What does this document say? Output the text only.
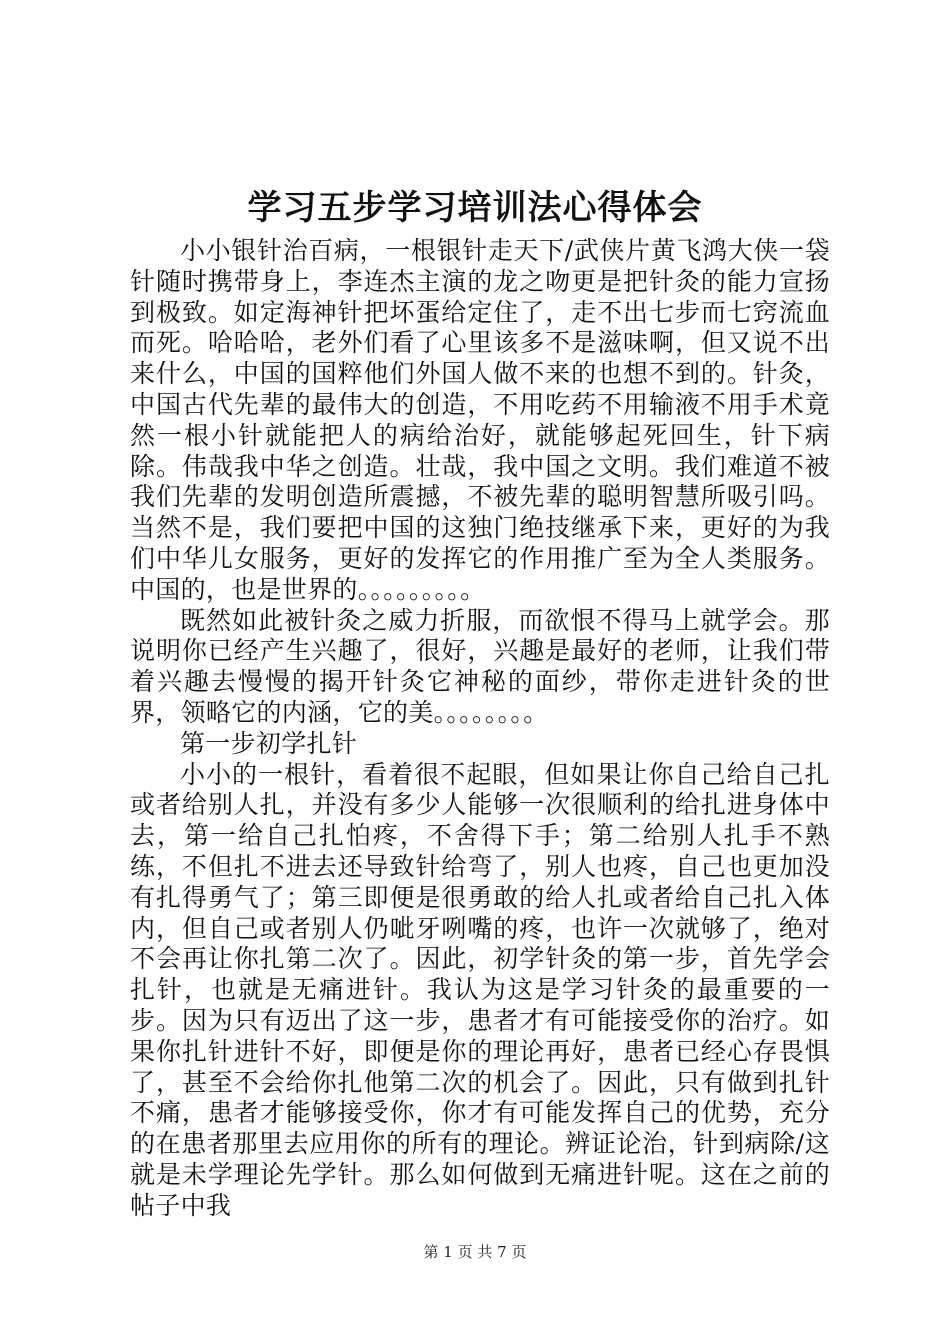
学习五步学习培训法心得体会

小小银针治百病，一根银针走天下/武侠片黄飞鸿大侠一袋针随时携带身上，李连杰主演的龙之吻更是把针灸的能力宣扬到极致。如定海神针把坏蛋给定住了，走不出七步而七窍流血而死。哈哈哈，老外们看了心里该多不是滋味啊，但又说不出来什么，中国的国粹他们外国人做不来的也想不到的。针灸，中国古代先辈的最伟大的创造，不用吃药不用输液不用手术竟然一根小针就能把人的病给治好，就能够起死回生，针下病除。伟哉我中华之创造。壮哉，我中国之文明。我们难道不被我们先辈的发明创造所震撼，不被先辈的聪明智慧所吸引吗。当然不是，我们要把中国的这独门绝技继承下来，更好的为我们中华儿女服务，更好的发挥它的作用推广至为全人类服务。中国的，也是世界的。。。。。。。。。

既然如此被针灸之威力折服，而欲恨不得马上就学会。那说明你已经产生兴趣了，很好，兴趣是最好的老师，让我们带着兴趣去慢慢的揭开针灸它神秘的面纱，带你走进针灸的世界，领略它的内涵，它的美。。。。。。。。

第一步初学扎针

小小的一根针，看着很不起眼，但如果让你自己给自己扎或者给别人扎，并没有多少人能够一次很顺利的给扎进身体中去，第一给自己扎怕疼，不舍得下手；第二给别人扎手不熟练，不但扎不进去还导致针给弯了，别人也疼，自己也更加没有扎得勇气了；第三即便是很勇敢的给人扎或者给自己扎入体内，但自己或者别人仍呲牙咧嘴的疼，也许一次就够了，绝对不会再让你扎第二次了。因此，初学针灸的第一步，首先学会扎针，也就是无痛进针。我认为这是学习针灸的最重要的一步。因为只有迈出了这一步，患者才有可能接受你的治疗。如果你扎针进针不好，即便是你的理论再好，患者已经心存畏惧了，甚至不会给你扎他第二次的机会了。因此，只有做到扎针不痛，患者才能够接受你，你才有可能发挥自己的优势，充分的在患者那里去应用你的所有的理论。辨证论治，针到病除/这就是未学理论先学针。那么如何做到无痛进针呢。这在之前的帖子中我

第 1 页 共 7 页
